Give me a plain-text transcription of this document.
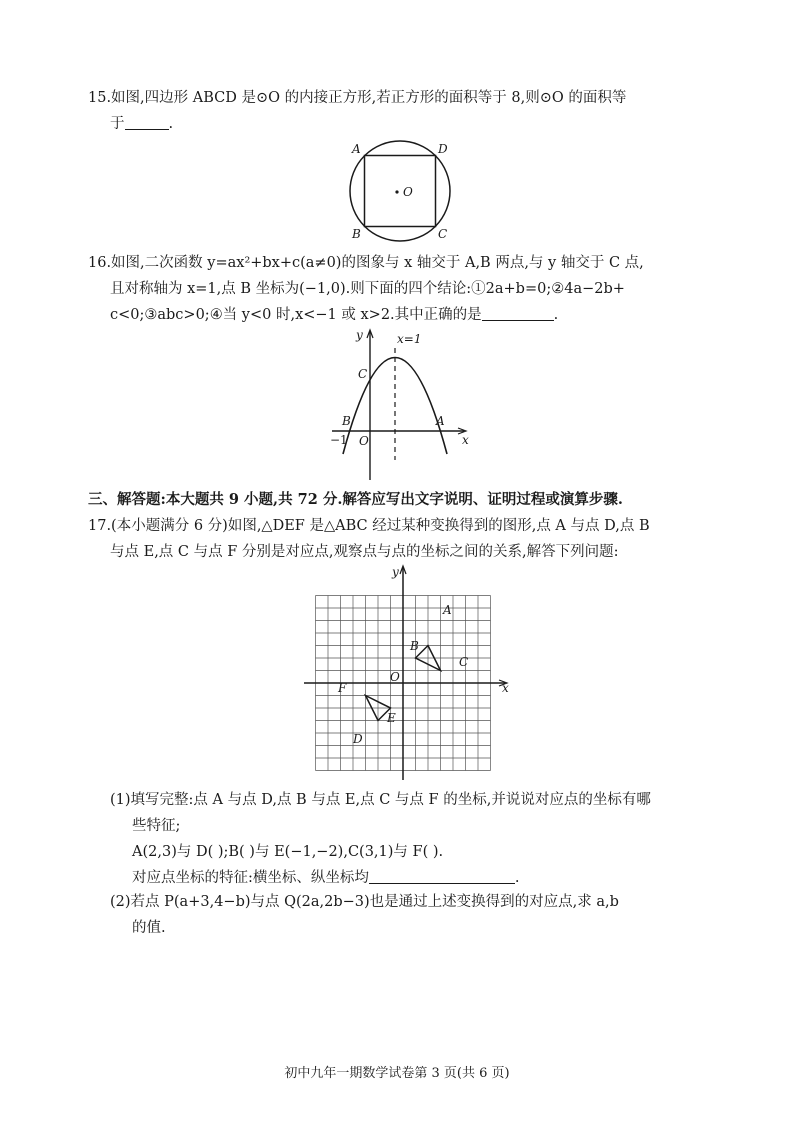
15.如图,四边形 ABCD 是⊙O 的内接正方形,若正方形的面积等于 8,则⊙O 的面积等
于	.
A	D
B	C
O
16.如图,二次函数 y=ax²+bx+c(a≠0)的图象与 x 轴交于 A,B 两点,与 y 轴交于 C 点,
且对称轴为 x=1,点 B 坐标为(−1,0).则下面的四个结论:①2a+b=0;②4a−2b+
c<0;③abc>0;④当 y<0 时,x<−1 或 x>2.其中正确的是	.
y	x=1
C
B	A
−1 O	x
三、解答题:本大题共 9 小题,共 72 分.解答应写出文字说明、证明过程或演算步骤.
17.(本小题满分 6 分)如图,△DEF 是△ABC 经过某种变换得到的图形,点 A 与点 D,点 B
与点 E,点 C 与点 F 分别是对应点,观察点与点的坐标之间的关系,解答下列问题:
y
x
O
A
B
C
F
E
D
(1)填写完整:点 A 与点 D,点 B 与点 E,点 C 与点 F 的坐标,并说说对应点的坐标有哪
些特征;
A(2,3)与 D( );B( )与 E(−1,−2),C(3,1)与 F( ).
对应点坐标的特征:横坐标、纵坐标均	.
(2)若点 P(a+3,4−b)与点 Q(2a,2b−3)也是通过上述变换得到的对应点,求 a,b
的值.
初中九年一期数学试卷第 3 页(共 6 页)
